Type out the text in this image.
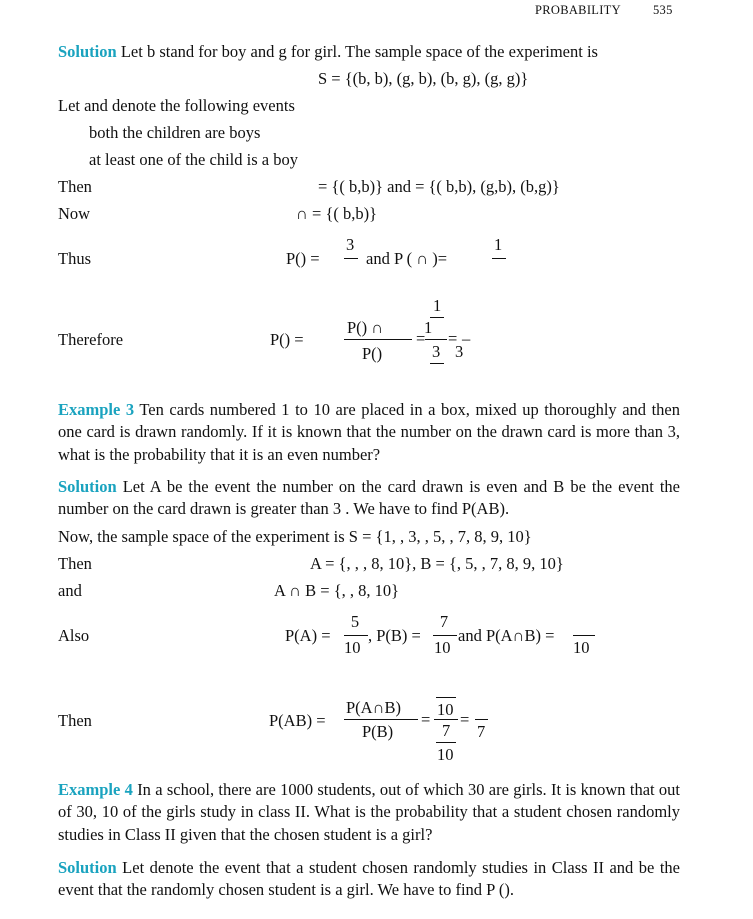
PROBABILITY	535
Solution Let b stand for boy and g for girl. The sample space of the experiment is
S = {(b, b), (g, b), (b, g), (g, g)}
Let and denote the following events
both the children are boys
at least one of the child is a boy
Then	= {( b,b)} and = {( b,b), (g,b), (b,g)}
Now	∩ = {( b,b)}
Thus	P() =
3
and P ( ∩ )=
1
Therefore	P() =
P() ∩
P()
=
1
1
3
=
3
–
Example 3 Ten cards numbered 1 to 10 are placed in a box, mixed up thoroughly and then one card is drawn randomly. If it is known that the number on the drawn card is more than 3, what is the probability that it is an even number?
Solution Let A be the event the number on the card drawn is even and B be the event the number on the card drawn is greater than 3 . We have to find P(AB).
Now, the sample space of the experiment is S = {1, , 3, , 5, , 7, 8, 9, 10}
Then	A = {, , , 8, 10}, B = {, 5, , 7, 8, 9, 10}
and	A ∩ B = {, , 8, 10}
Also	P(A) =
5
10
, P(B) =
7
10
and P(A∩B) =
10
Then	P(AB) =
P(A∩B)
P(B)
=
10
7
10
=
7
Example 4 In a school, there are 1000 students, out of which 30 are girls. It is known that out of 30, 10 of the girls study in class II. What is the probability that a student chosen randomly studies in Class II given that the chosen student is a girl?
Solution Let denote the event that a student chosen randomly studies in Class II and be the event that the randomly chosen student is a girl. We have to find P ().
